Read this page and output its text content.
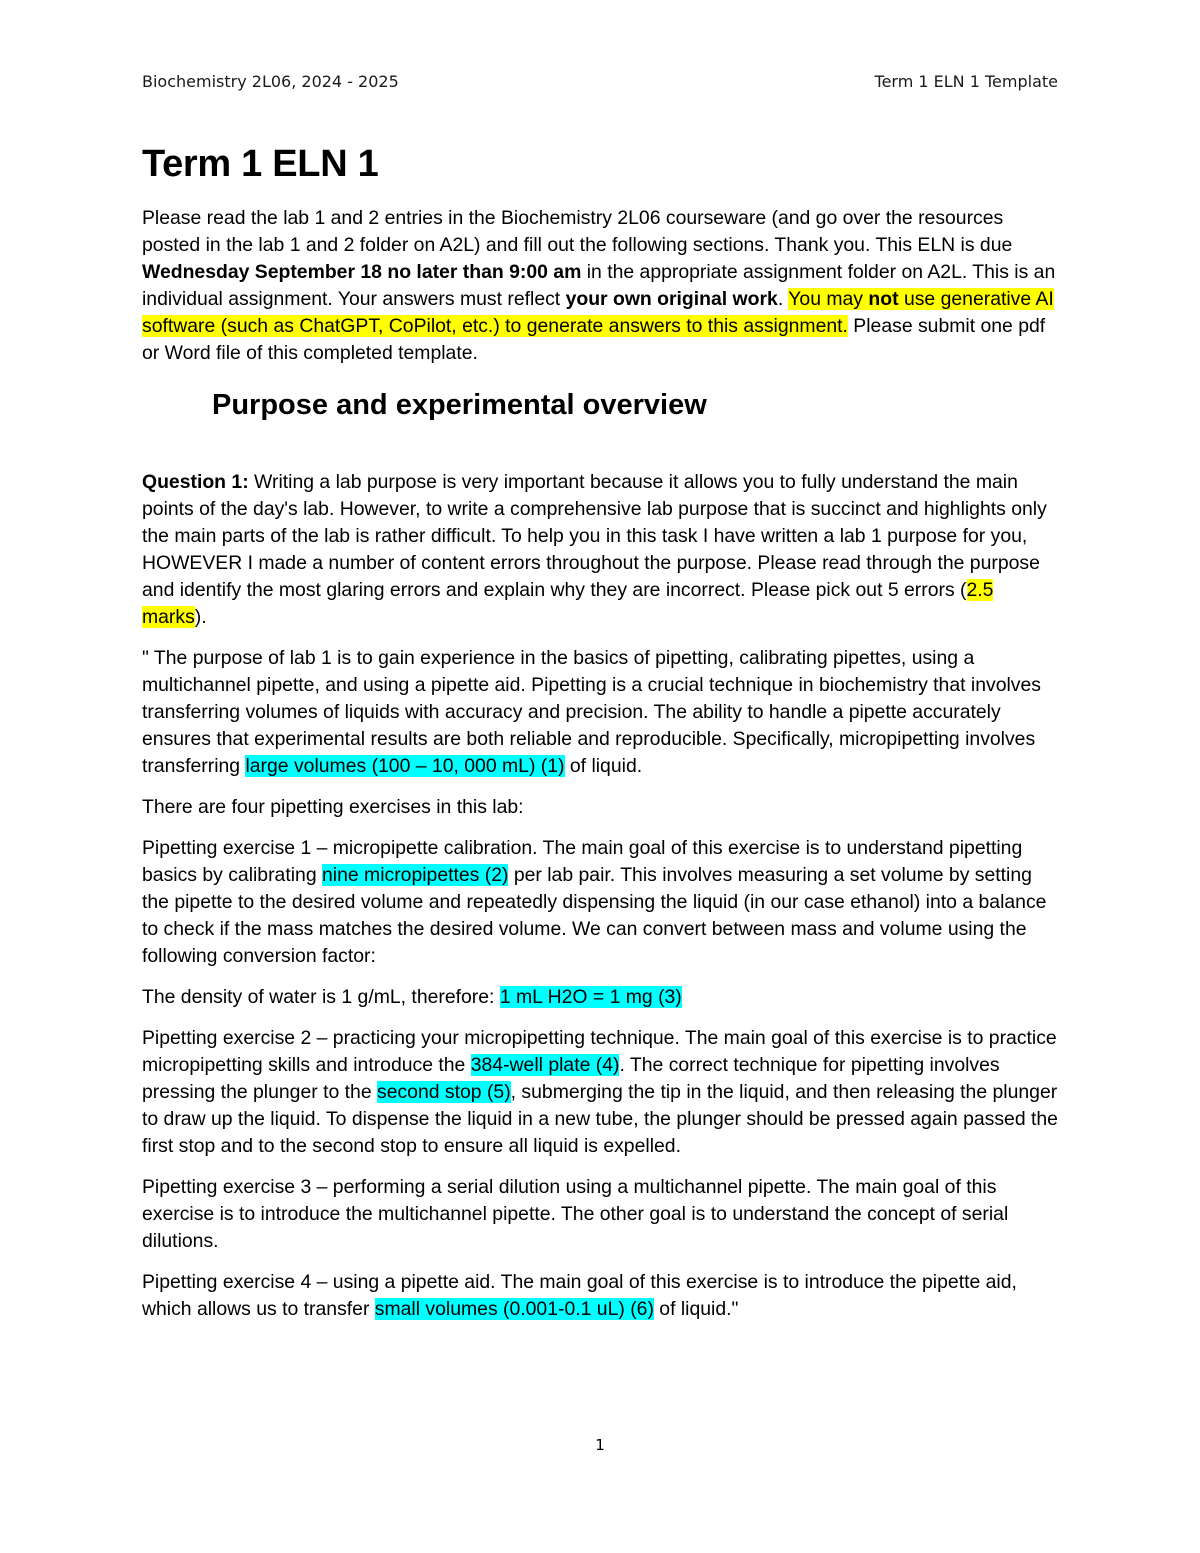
Biochemistry 2L06, 2024 - 2025	Term 1 ELN 1 Template
Term 1 ELN 1

Please read the lab 1 and 2 entries in the Biochemistry 2L06 courseware (and go over the resources posted in the lab 1 and 2 folder on A2L) and fill out the following sections. Thank you. This ELN is due Wednesday September 18 no later than 9:00 am in the appropriate assignment folder on A2L. This is an individual assignment. Your answers must reflect your own original work. You may not use generative AI software (such as ChatGPT, CoPilot, etc.) to generate answers to this assignment. Please submit one pdf or Word file of this completed template.

Purpose and experimental overview

Question 1: Writing a lab purpose is very important because it allows you to fully understand the main points of the day's lab. However, to write a comprehensive lab purpose that is succinct and highlights only the main parts of the lab is rather difficult. To help you in this task I have written a lab 1 purpose for you, HOWEVER I made a number of content errors throughout the purpose. Please read through the purpose and identify the most glaring errors and explain why they are incorrect. Please pick out 5 errors (2.5 marks).

" The purpose of lab 1 is to gain experience in the basics of pipetting, calibrating pipettes, using a multichannel pipette, and using a pipette aid. Pipetting is a crucial technique in biochemistry that involves transferring volumes of liquids with accuracy and precision. The ability to handle a pipette accurately ensures that experimental results are both reliable and reproducible. Specifically, micropipetting involves transferring large volumes (100 – 10, 000 mL) (1) of liquid.

There are four pipetting exercises in this lab:

Pipetting exercise 1 – micropipette calibration. The main goal of this exercise is to understand pipetting basics by calibrating nine micropipettes (2) per lab pair. This involves measuring a set volume by setting the pipette to the desired volume and repeatedly dispensing the liquid (in our case ethanol) into a balance to check if the mass matches the desired volume. We can convert between mass and volume using the following conversion factor:

The density of water is 1 g/mL, therefore: 1 mL H2O = 1 mg (3)

Pipetting exercise 2 – practicing your micropipetting technique. The main goal of this exercise is to practice micropipetting skills and introduce the 384-well plate (4). The correct technique for pipetting involves pressing the plunger to the second stop (5), submerging the tip in the liquid, and then releasing the plunger to draw up the liquid. To dispense the liquid in a new tube, the plunger should be pressed again passed the first stop and to the second stop to ensure all liquid is expelled.

Pipetting exercise 3 – performing a serial dilution using a multichannel pipette. The main goal of this exercise is to introduce the multichannel pipette. The other goal is to understand the concept of serial dilutions.

Pipetting exercise 4 – using a pipette aid. The main goal of this exercise is to introduce the pipette aid, which allows us to transfer small volumes (0.001-0.1 uL) (6) of liquid."

1
